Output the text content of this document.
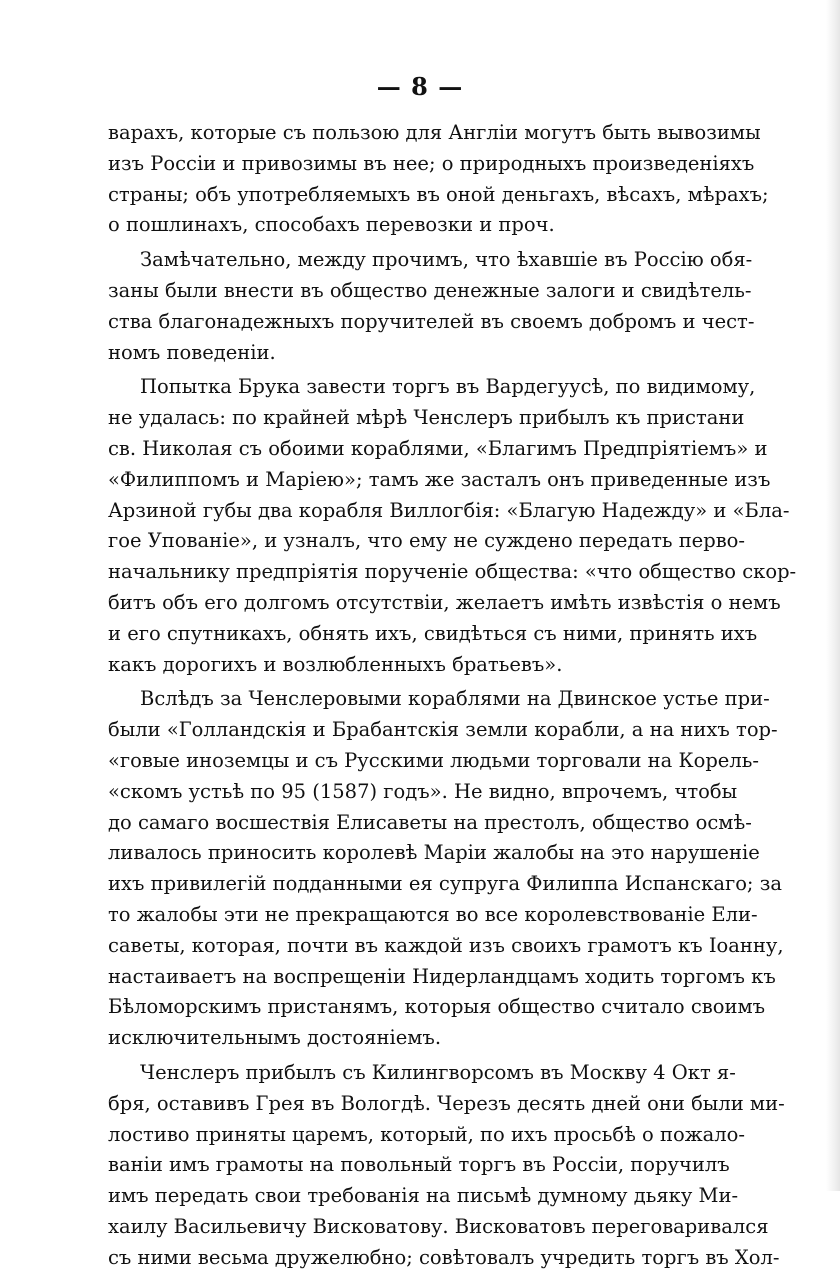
— 8 —

варахъ, которые съ пользою для Англіи могутъ быть вывозимы
изъ Россіи и привозимы въ нее; о природныхъ произведеніяхъ
страны; объ употребляемыхъ въ оной деньгахъ, вѣсахъ, мѣрахъ;
о пошлинахъ, способахъ перевозки и проч.

Замѣчательно, между прочимъ, что ѣхавшіе въ Россію обя-
заны были внести въ общество денежные залоги и свидѣтель-
ства благонадежныхъ поручителей въ своемъ добромъ и чест-
номъ поведеніи.

Попытка Брука завести торгъ въ Вардегуусѣ, по видимому,
не удалась: по крайней мѣрѣ Ченслеръ прибылъ къ пристани
св. Николая съ обоими кораблями, «Благимъ Предпріятіемъ» и
«Филиппомъ и Маріею»; тамъ же засталъ онъ приведенные изъ
Арзиной губы два корабля Виллогбія: «Благую Надежду» и «Бла-
гое Упованіе», и узналъ, что ему не суждено передать перво-
начальнику предпріятія порученіе общества: «что общество скор-
битъ объ его долгомъ отсутствіи, желаетъ имѣть извѣстія о немъ
и его спутникахъ, обнять ихъ, свидѣться съ ними, принять ихъ
какъ дорогихъ и возлюбленныхъ братьевъ».

Вслѣдъ за Ченслеровыми кораблями на Двинское устье при-
были «Голландскія и Брабантскія земли корабли, а на нихъ тор-
«говые иноземцы и съ Русскими людьми торговали на Корель-
«скомъ устьѣ по 95 (1587) годъ». Не видно, впрочемъ, чтобы
до самаго восшествія Елисаветы на престолъ, общество осмѣ-
ливалось приносить королевѣ Маріи жалобы на это нарушеніе
ихъ привилегій подданными ея супруга Филиппа Испанскаго; за
то жалобы эти не прекращаются во все королевствованіе Ели-
саветы, которая, почти въ каждой изъ своихъ грамотъ къ Іоанну,
настаиваетъ на воспрещеніи Нидерландцамъ ходить торгомъ къ
Бѣломорскимъ пристанямъ, которыя общество считало своимъ
исключительнымъ достояніемъ.

Ченслеръ прибылъ съ Килингворсомъ въ Москву 4 Окт я-
бря, оставивъ Грея въ Вологдѣ. Черезъ десять дней они были ми-
лостиво приняты царемъ, который, по ихъ просьбѣ о пожало-
ваніи имъ грамоты на повольный торгъ въ Россіи, поручилъ
имъ передать свои требованія на письмѣ думному дьяку Ми-
хаилу Васильевичу Висковатову. Висковатовъ переговаривался
съ ними весьма дружелюбно; совѣтовалъ учредить торгъ въ Хол-
